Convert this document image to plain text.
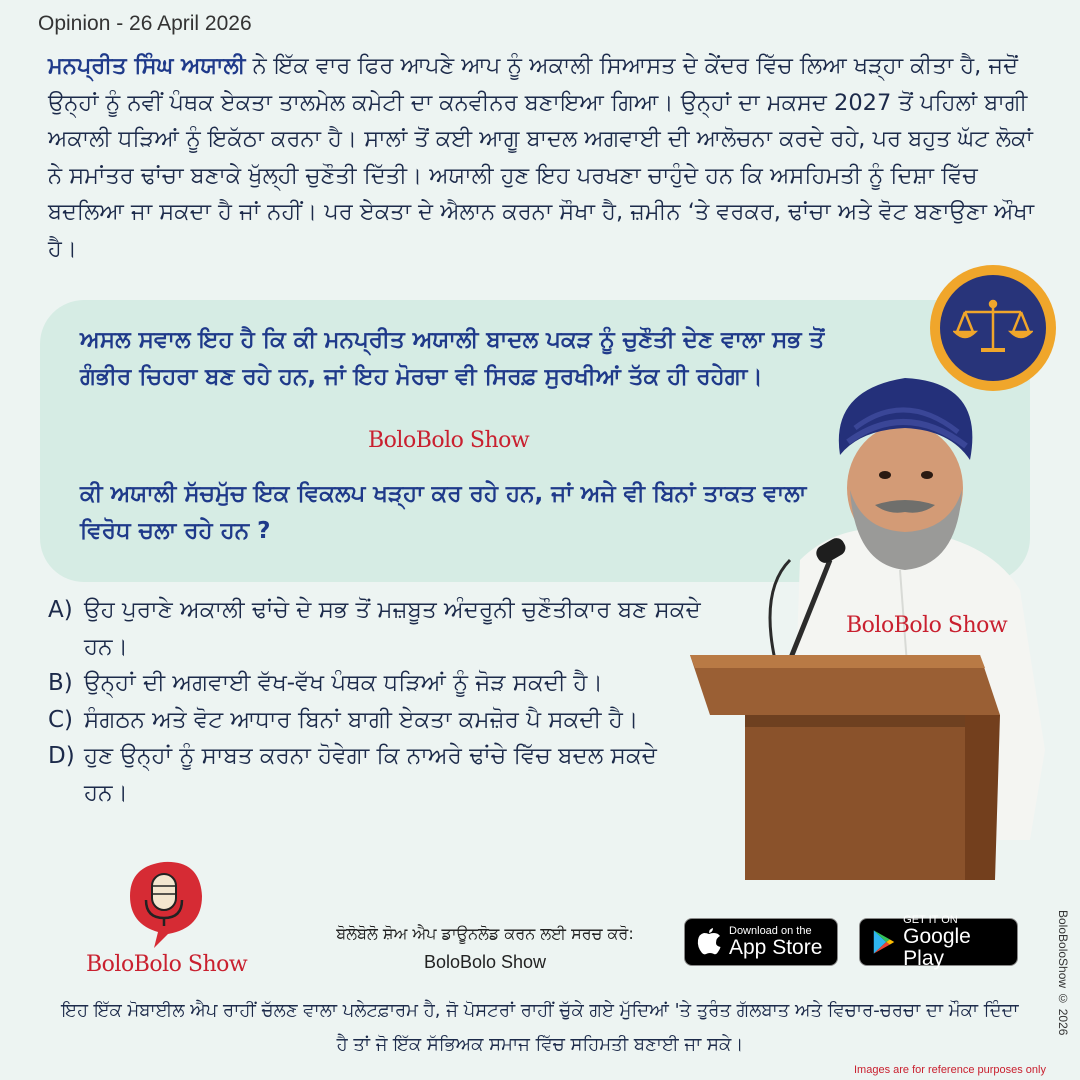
Opinion - 26 April 2026

ਮਨਪ੍ਰੀਤ ਸਿੰਘ ਅਯਾਲੀ ਨੇ ਇੱਕ ਵਾਰ ਫਿਰ ਆਪਣੇ ਆਪ ਨੂੰ ਅਕਾਲੀ ਸਿਆਸਤ ਦੇ ਕੇਂਦਰ ਵਿੱਚ ਲਿਆ ਖੜ੍ਹਾ ਕੀਤਾ ਹੈ, ਜਦੋਂ ਉਨ੍ਹਾਂ ਨੂੰ ਨਵੀਂ ਪੰਥਕ ਏਕਤਾ ਤਾਲਮੇਲ ਕਮੇਟੀ ਦਾ ਕਨਵੀਨਰ ਬਣਾਇਆ ਗਿਆ। ਉਨ੍ਹਾਂ ਦਾ ਮਕਸਦ 2027 ਤੋਂ ਪਹਿਲਾਂ ਬਾਗੀ ਅਕਾਲੀ ਧੜਿਆਂ ਨੂੰ ਇਕੱਠਾ ਕਰਨਾ ਹੈ। ਸਾਲਾਂ ਤੋਂ ਕਈ ਆਗੂ ਬਾਦਲ ਅਗਵਾਈ ਦੀ ਆਲੋਚਨਾ ਕਰਦੇ ਰਹੇ, ਪਰ ਬਹੁਤ ਘੱਟ ਲੋਕਾਂ ਨੇ ਸਮਾਂਤਰ ਢਾਂਚਾ ਬਣਾਕੇ ਖੁੱਲ੍ਹੀ ਚੁਣੌਤੀ ਦਿੱਤੀ। ਅਯਾਲੀ ਹੁਣ ਇਹ ਪਰਖਣਾ ਚਾਹੁੰਦੇ ਹਨ ਕਿ ਅਸਹਿਮਤੀ ਨੂੰ ਦਿਸ਼ਾ ਵਿੱਚ ਬਦਲਿਆ ਜਾ ਸਕਦਾ ਹੈ ਜਾਂ ਨਹੀਂ। ਪਰ ਏਕਤਾ ਦੇ ਐਲਾਨ ਕਰਨਾ ਸੌਖਾ ਹੈ, ਜ਼ਮੀਨ ‘ਤੇ ਵਰਕਰ, ਢਾਂਚਾ ਅਤੇ ਵੋਟ ਬਣਾਉਣਾ ਔਖਾ ਹੈ।

ਅਸਲ ਸਵਾਲ ਇਹ ਹੈ ਕਿ ਕੀ ਮਨਪ੍ਰੀਤ ਅਯਾਲੀ ਬਾਦਲ ਪਕੜ ਨੂੰ ਚੁਣੌਤੀ ਦੇਣ ਵਾਲਾ ਸਭ ਤੋਂ ਗੰਭੀਰ ਚਿਹਰਾ ਬਣ ਰਹੇ ਹਨ, ਜਾਂ ਇਹ ਮੋਰਚਾ ਵੀ ਸਿਰਫ਼ ਸੁਰਖੀਆਂ ਤੱਕ ਹੀ ਰਹੇਗਾ।

BoloBolo Show

ਕੀ ਅਯਾਲੀ ਸੱਚਮੁੱਚ ਇਕ ਵਿਕਲਪ ਖੜ੍ਹਾ ਕਰ ਰਹੇ ਹਨ, ਜਾਂ ਅਜੇ ਵੀ ਬਿਨਾਂ ਤਾਕਤ ਵਾਲਾ ਵਿਰੋਧ ਚਲਾ ਰਹੇ ਹਨ ?

A) ਉਹ ਪੁਰਾਣੇ ਅਕਾਲੀ ਢਾਂਚੇ ਦੇ ਸਭ ਤੋਂ ਮਜ਼ਬੂਤ ਅੰਦਰੂਨੀ ਚੁਣੌਤੀਕਾਰ ਬਣ ਸਕਦੇ ਹਨ।
B) ਉਨ੍ਹਾਂ ਦੀ ਅਗਵਾਈ ਵੱਖ-ਵੱਖ ਪੰਥਕ ਧੜਿਆਂ ਨੂੰ ਜੋੜ ਸਕਦੀ ਹੈ।
C) ਸੰਗਠਨ ਅਤੇ ਵੋਟ ਆਧਾਰ ਬਿਨਾਂ ਬਾਗੀ ਏਕਤਾ ਕਮਜ਼ੋਰ ਪੈ ਸਕਦੀ ਹੈ।
D) ਹੁਣ ਉਨ੍ਹਾਂ ਨੂੰ ਸਾਬਤ ਕਰਨਾ ਹੋਵੇਗਾ ਕਿ ਨਾਅਰੇ ਢਾਂਚੇ ਵਿੱਚ ਬਦਲ ਸਕਦੇ ਹਨ।
BoloBolo Show
BoloBolo Show
ਬੋਲੋਬੋਲੋ ਸ਼ੋਅ ਐਪ ਡਾਊਨਲੋਡ ਕਰਨ ਲਈ ਸਰਚ ਕਰੋ:
BoloBolo Show
Download on the
App Store
GET IT ON
Google Play

ਇਹ ਇੱਕ ਮੋਬਾਈਲ ਐਪ ਰਾਹੀਂ ਚੱਲਣ ਵਾਲਾ ਪਲੇਟਫ਼ਾਰਮ ਹੈ, ਜੋ ਪੋਸਟਰਾਂ ਰਾਹੀਂ ਚੁੱਕੇ ਗਏ ਮੁੱਦਿਆਂ 'ਤੇ ਤੁਰੰਤ ਗੱਲਬਾਤ ਅਤੇ ਵਿਚਾਰ-ਚਰਚਾ ਦਾ ਮੌਕਾ ਦਿੰਦਾ ਹੈ ਤਾਂ ਜੋ ਇੱਕ ਸੱਭਿਅਕ ਸਮਾਜ ਵਿੱਚ ਸਹਿਮਤੀ ਬਣਾਈ ਜਾ ਸਕੇ।

BoloBoloShow © 2026
Images are for reference purposes only
